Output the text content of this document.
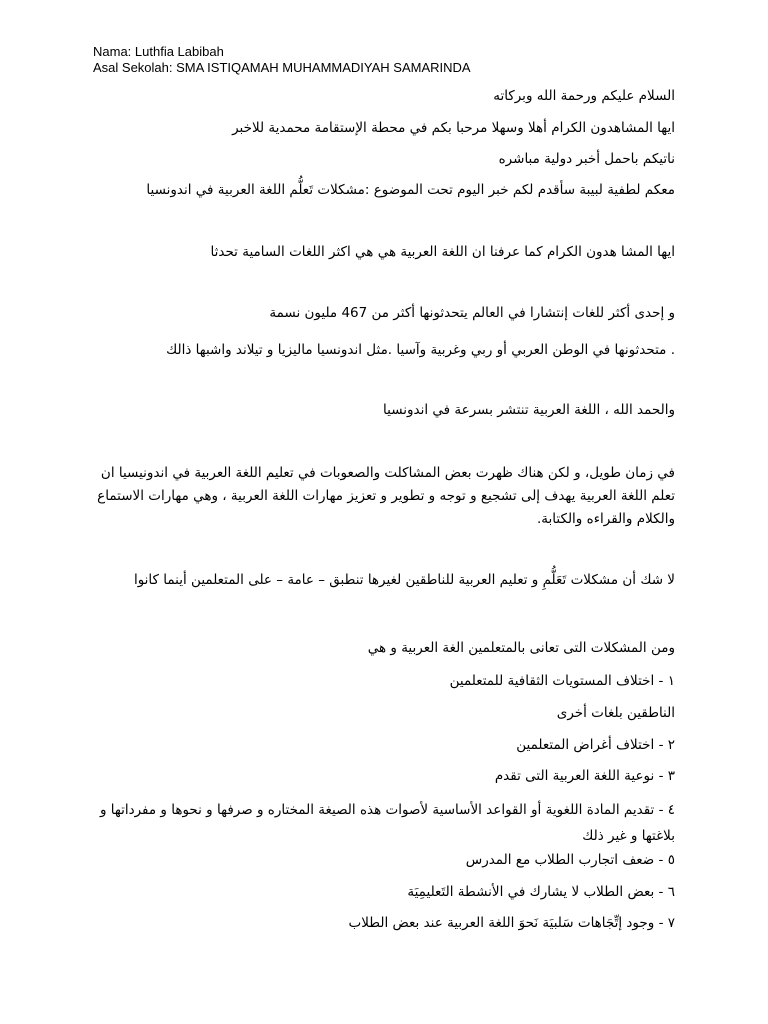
Nama: Luthfia Labibah
Asal Sekolah: SMA ISTIQAMAH MUHAMMADIYAH SAMARINDA
السلام عليكم ورحمة الله وبركاته
ايها المشاهدون الكرام أهلا وسهلا مرحبا بكم في محطة الإستقامة محمدية للاخبر
ناتيكم باحمل أخبر دولية مباشره
معكم لطفية لبيبة سأقدم لكم خبر اليوم تحت الموضوع :مشكلات تَعلُّم اللغة العربية في اندونسيا
ايها المشا هدون الكرام كما عرفنا ان اللغة العربية هي هي اكثر اللغات السامية تحدثا
و إحدى أكثر للغات إنتشارا في العالم يتحدثونها أكثر من 467 مليون نسمة
. متحدثونها في الوطن العربي أو ربي وغربية وآسيا .مثل اندونسيا ماليزيا و تيلاند واشبها ذالك
والحمد الله ، اللغة العربية تنتشر بسرعة في اندونسيا
في زمان طويل، و لكن هناك ظهرت بعض المشاكلت والصعوبات في تعليم اللغة العربية في اندونيسيا ان تعلم اللغة العربية يهدف إلى تشجيع و توجه و تطوير و تعزيز مهارات اللغة العربية ، وهي مهارات الاستماع والكلام والقراءه والكتابة.
لا شك أن مشكلات تَعَلُّمِ و تعليم العربية للناطقين لغيرها تنطبق – عامة – على المتعلمين أينما كانوا
ومن المشكلات التى تعانى بالمتعلمين الغة العربية و هي
١ - اختلاف المستويات الثقافية للمتعلمين
الناطقين بلغات أخرى
٢ - اختلاف أغراض المتعلمين
٣ - نوعية اللغة العربية التى تقدم
٤ - تقديم المادة اللغوية أو القواعد الأساسية لأصوات هذه الصيغة المختاره و صرفها و نحوها و مفرداتها و بلاغتها و غير ذلك
٥ - ضعف اتجارب الطلاب مع المدرس
٦ - بعض الطلاب لا يشارك في الأنشطة التَعليمِيَة
٧ - وجود إتِّجَاهات سَلبيَة نَحوَ اللغة العربية عند بعض الطلاب
